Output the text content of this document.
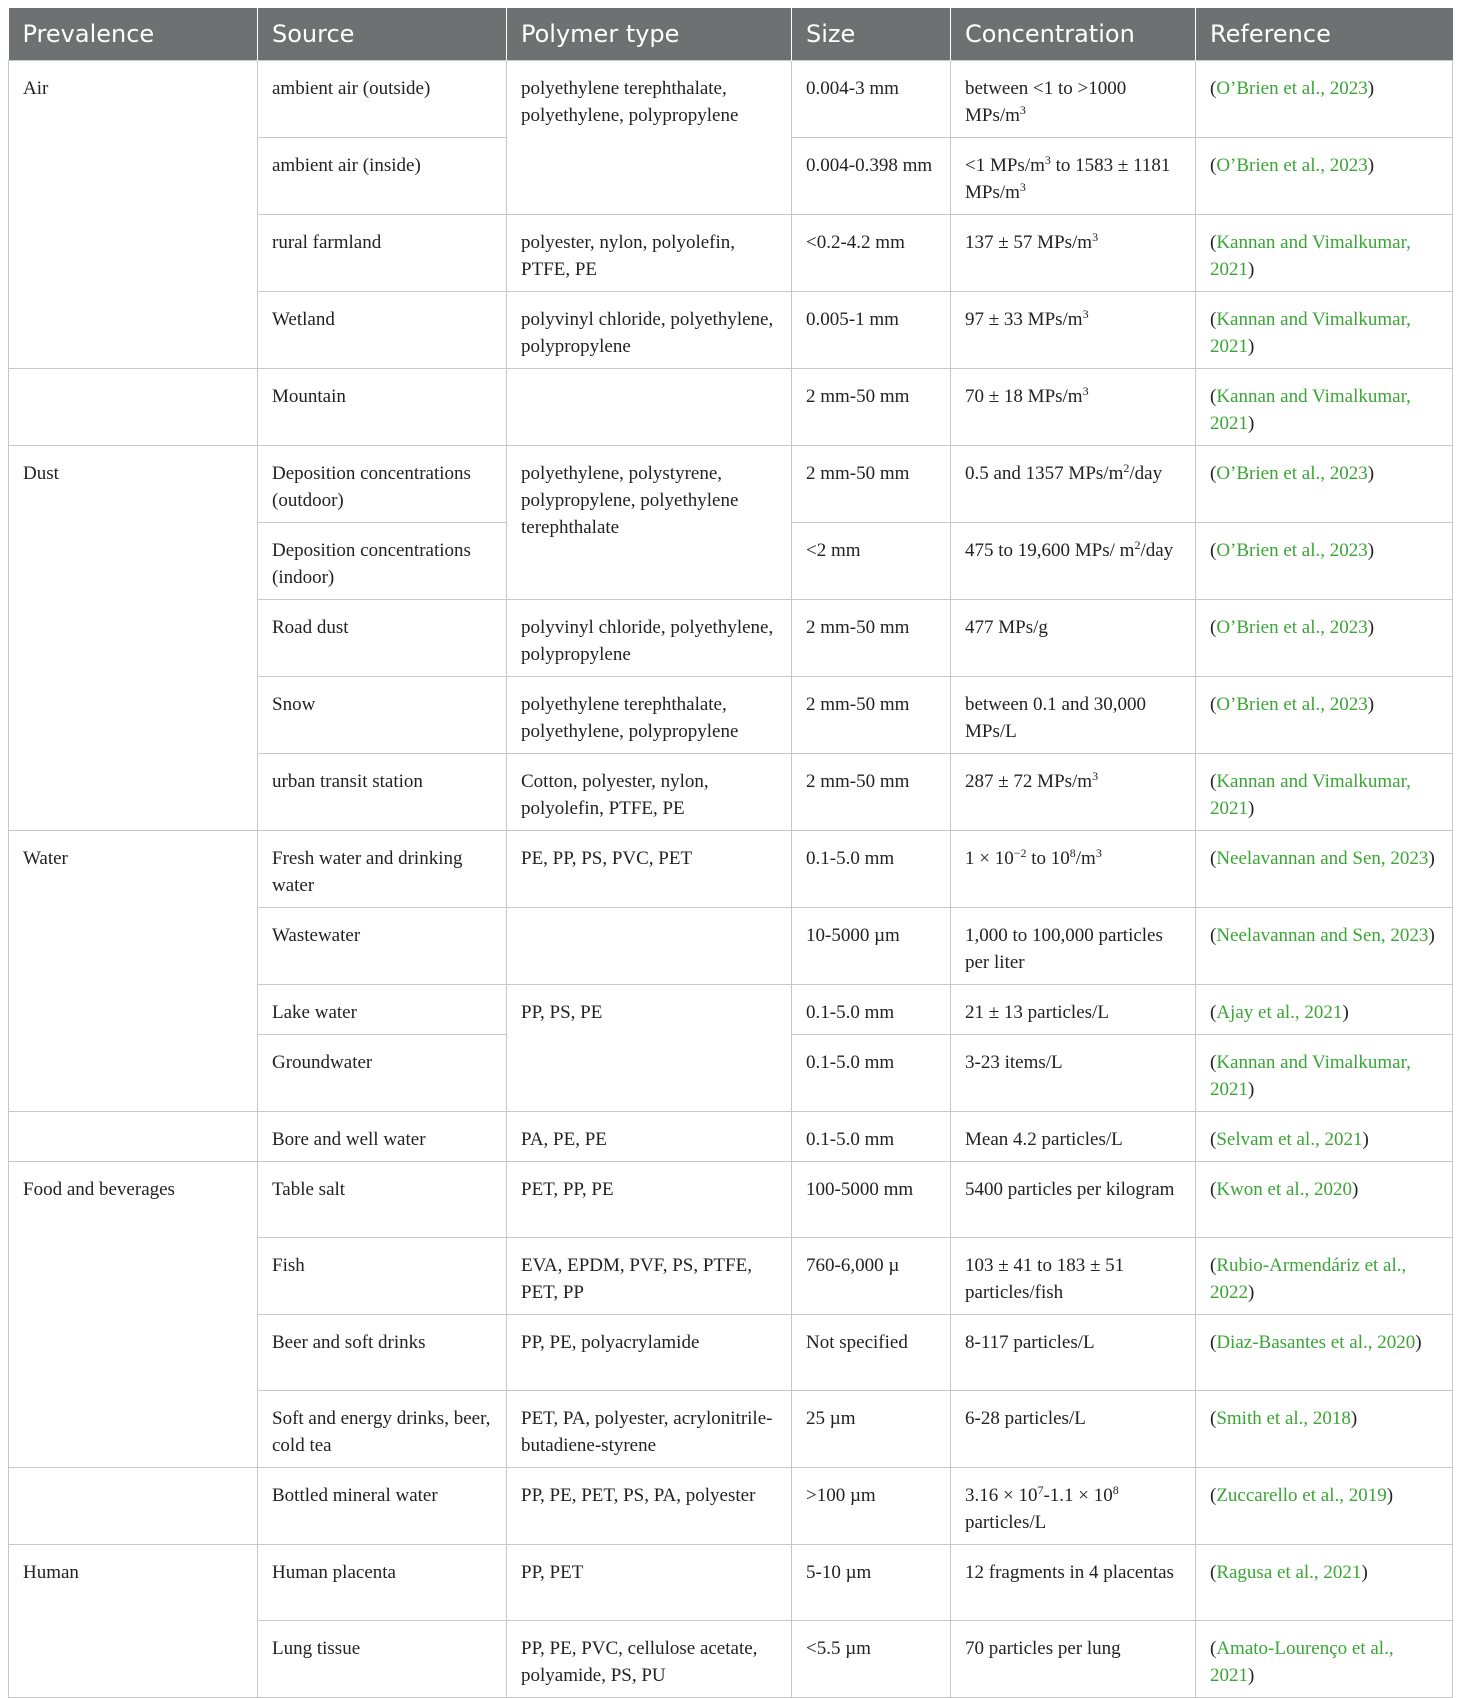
Prevalence	Source	Polymer type	Size	Concentration	Reference
Air	ambient air (outside)	polyethylene terephthalate, polyethylene, polypropylene	0.004-3 mm	between <1 to >1000 MPs/$m^3$	(O’Brien et al., 2023)
	ambient air (inside)		0.004-0.398 mm	<1 MPs/$m^3$ to 1583 ± 1181 MPs/$m^3$	(O’Brien et al., 2023)
	rural farmland	polyester, nylon, polyolefin, PTFE, PE	<0.2-4.2 mm	137 ± 57 MPs/$m^3$	(Kannan and Vimalkumar, 2021)
	Wetland	polyvinyl chloride, polyethylene, polypropylene	0.005-1 mm	97 ± 33 MPs/$m^3$	(Kannan and Vimalkumar, 2021)
	Mountain		2 mm-50 mm	70 ± 18 MPs/$m^3$	(Kannan and Vimalkumar, 2021)
Dust	Deposition concentrations (outdoor)	polyethylene, polystyrene, polypropylene, polyethylene terephthalate	2 mm-50 mm	0.5 and 1357 MPs/$m^2$/day	(O’Brien et al., 2023)
	Deposition concentrations (indoor)		<2 mm	475 to 19,600 MPs/ $m^2$/day	(O’Brien et al., 2023)
	Road dust	polyvinyl chloride, polyethylene, polypropylene	2 mm-50 mm	477 MPs/g	(O’Brien et al., 2023)
	Snow	polyethylene terephthalate, polyethylene, polypropylene	2 mm-50 mm	between 0.1 and 30,000 MPs/L	(O’Brien et al., 2023)
	urban transit station	Cotton, polyester, nylon, polyolefin, PTFE, PE	2 mm-50 mm	287 ± 72 MPs/$m^3$	(Kannan and Vimalkumar, 2021)
Water	Fresh water and drinking water	PE, PP, PS, PVC, PET	0.1-5.0 mm	$1 \times 10^{-2}$ to $10^8/m^3$	(Neelavannan and Sen, 2023)
	Wastewater		10-5000 µm	1,000 to 100,000 particles per liter	(Neelavannan and Sen, 2023)
	Lake water	PP, PS, PE	0.1-5.0 mm	21 ± 13 particles/L	(Ajay et al., 2021)
	Groundwater		0.1-5.0 mm	3-23 items/L	(Kannan and Vimalkumar, 2021)
	Bore and well water	PA, PE, PE	0.1-5.0 mm	Mean 4.2 particles/L	(Selvam et al., 2021)
Food and beverages	Table salt	PET, PP, PE	100-5000 mm	5400 particles per kilogram	(Kwon et al., 2020)
	Fish	EVA, EPDM, PVF, PS, PTFE, PET, PP	760-6,000 µ	103 ± 41 to 183 ± 51 particles/fish	(Rubio-Armendáriz et al., 2022)
	Beer and soft drinks	PP, PE, polyacrylamide	Not specified	8-117 particles/L	(Diaz-Basantes et al., 2020)
	Soft and energy drinks, beer, cold tea	PET, PA, polyester, acrylonitrile-butadiene-styrene	25 µm	6-28 particles/L	(Smith et al., 2018)
	Bottled mineral water	PP, PE, PET, PS, PA, polyester	>100 µm	$3.16 \times 10^7-1.1 \times 10^8$ particles/L	(Zuccarello et al., 2019)
Human	Human placenta	PP, PET	5-10 µm	12 fragments in 4 placentas	(Ragusa et al., 2021)
	Lung tissue	PP, PE, PVC, cellulose acetate, polyamide, PS, PU	<5.5 µm	70 particles per lung	(Amato-Lourenço et al., 2021)
